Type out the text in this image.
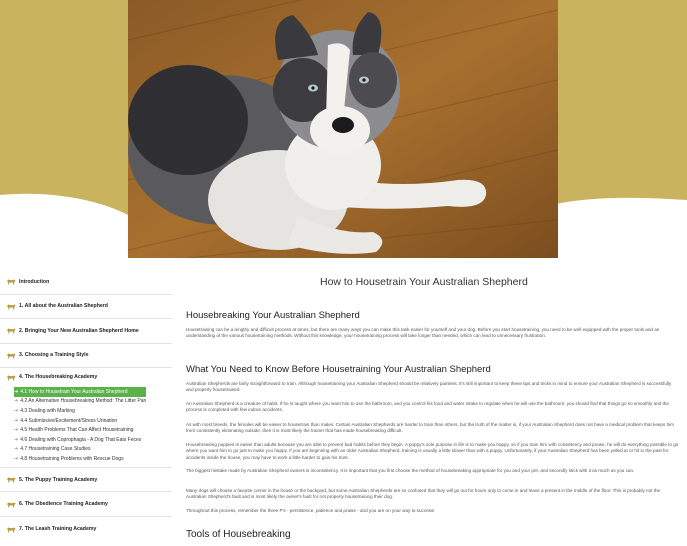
Introduction
1. All about the Australian Shepherd
2. Bringing Your New Australian Shepherd Home
3. Choosing a Training Style
4. The Housebreaking Academy
➜ 4.1 How to Housetrain Your Australian Shepherd
➜ 4.2 An Alternative Housebreaking Method: The Litter Pan
➜ 4.3 Dealing with Marking
➜ 4.4 Submissive/Excitement/Stress Urination
➜ 4.5 Health Problems That Can Affect Housetraining
➜ 4.6 Dealing with Coprophagia - A Dog That Eats Feces
➜ 4.7 Housetraining Case Studies
➜ 4.8 Housetraining Problems with Rescue Dogs
5. The Puppy Training Academy
6. The Obedience Training Academy
7. The Leash Training Academy
How to Housetrain Your Australian Shepherd
Housebreaking Your Australian Shepherd

Housetraining can be a lengthy and difficult process at times, but there are many ways you can make this task easier for yourself and your dog. Before you start housetraining, you need to be well equipped with the proper tools and an understanding of the various housetraining methods. Without this knowledge, your housetraining process will take longer than needed, which can lead to unnecessary frustration.

What You Need to Know Before Housetraining Your Australian Shepherd

Australian Shepherds are fairly straightforward to train. Although housetraining your Australian Shepherd should be relatively painless, it's still important to keep these tips and tricks in mind to ensure your Australian Shepherd is successfully and properly housetrained.

An Australian Shepherd is a creature of habit. If he is taught where you want him to use the bathroom, and you control his food and water intake to regulate when he will use the bathroom, you should find that things go so smoothly and the process is completed with few indoor accidents.

As with most breeds, the females will be easier to housetrain than males. Certain Australian Shepherds are harder to train than others, but the truth of the matter is, if your Australian Shepherd does not have a medical problem that keeps him from consistently eliminating outside, then it is most likely the trainer that has made housebreaking difficult.

Housebreaking puppies is easier than adults because you are able to prevent bad habits before they begin. A puppy's sole purpose in life is to make you happy, so if you train him with consistency and praise, he will do everything possible to go where you want him to go just to make you happy. If you are beginning with an older Australian Shepherd, training is usually a little slower than with a puppy. Unfortunately, if your Australian Shepherd has been yelled at or hit in the past for accidents inside the house, you may have to work a little harder to gain his trust.

The biggest mistake made by Australian Shepherd owners is inconsistency. It is important that you first choose the method of housebreaking appropriate for you and your pet, and secondly stick with it as much as you can.

Many dogs will choose a favorite corner in the house or the backyard, but some Australian Shepherds are so confused that they will go out for hours only to come in and leave a present in the middle of the floor. This is probably not the Australian Shepherd's fault and is most likely the owner's fault for not properly housetraining their dog.

Throughout this process, remember the three P's - persistence, patience and praise - and you are on your way to success!

Tools of Housebreaking
